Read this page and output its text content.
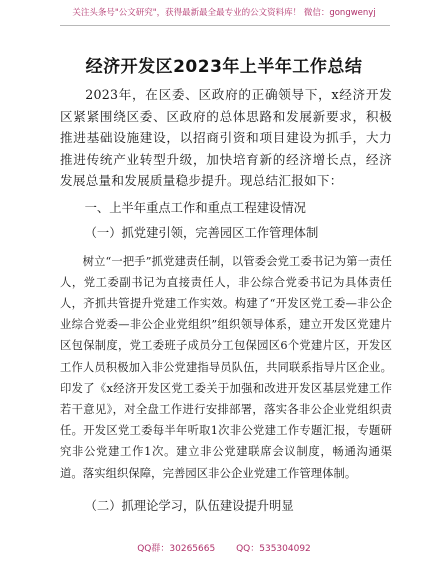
关注头条号"公文研究"，获得最新最全最专业的公文资料库！ 微信：gongwenyj
经济开发区2023年上半年工作总结

2023年，在区委、区政府的正确领导下，x经济开发区紧紧围绕区委、区政府的总体思路和发展新要求，积极推进基础设施建设，以招商引资和项目建设为抓手，大力推进传统产业转型升级，加快培育新的经济增长点，经济发展总量和发展质量稳步提升。现总结汇报如下：

一、上半年重点工作和重点工程建设情况

（一）抓党建引领，完善园区工作管理体制

树立“一把手”抓党建责任制，以管委会党工委书记为第一责任人，党工委副书记为直接责任人，非公综合党委书记为具体责任人，齐抓共管提升党建工作实效。构建了“开发区党工委—非公企业综合党委—非公企业党组织”组织领导体系，建立开发区党建片区包保制度，党工委班子成员分工包保园区6个党建片区，开发区工作人员积极加入非公党建指导员队伍，共同联系指导片区企业。印发了《x经济开发区党工委关于加强和改进开发区基层党建工作若干意见》，对全盘工作进行安排部署，落实各非公企业党组织责任。开发区党工委每半年听取1次非公党建工作专题汇报，专题研究非公党建工作1次。建立非公党建联席会议制度，畅通沟通渠道。落实组织保障，完善园区非公企业党建工作管理体制。

（二）抓理论学习，队伍建设提升明显

QQ群：30265665 QQ：535304092
